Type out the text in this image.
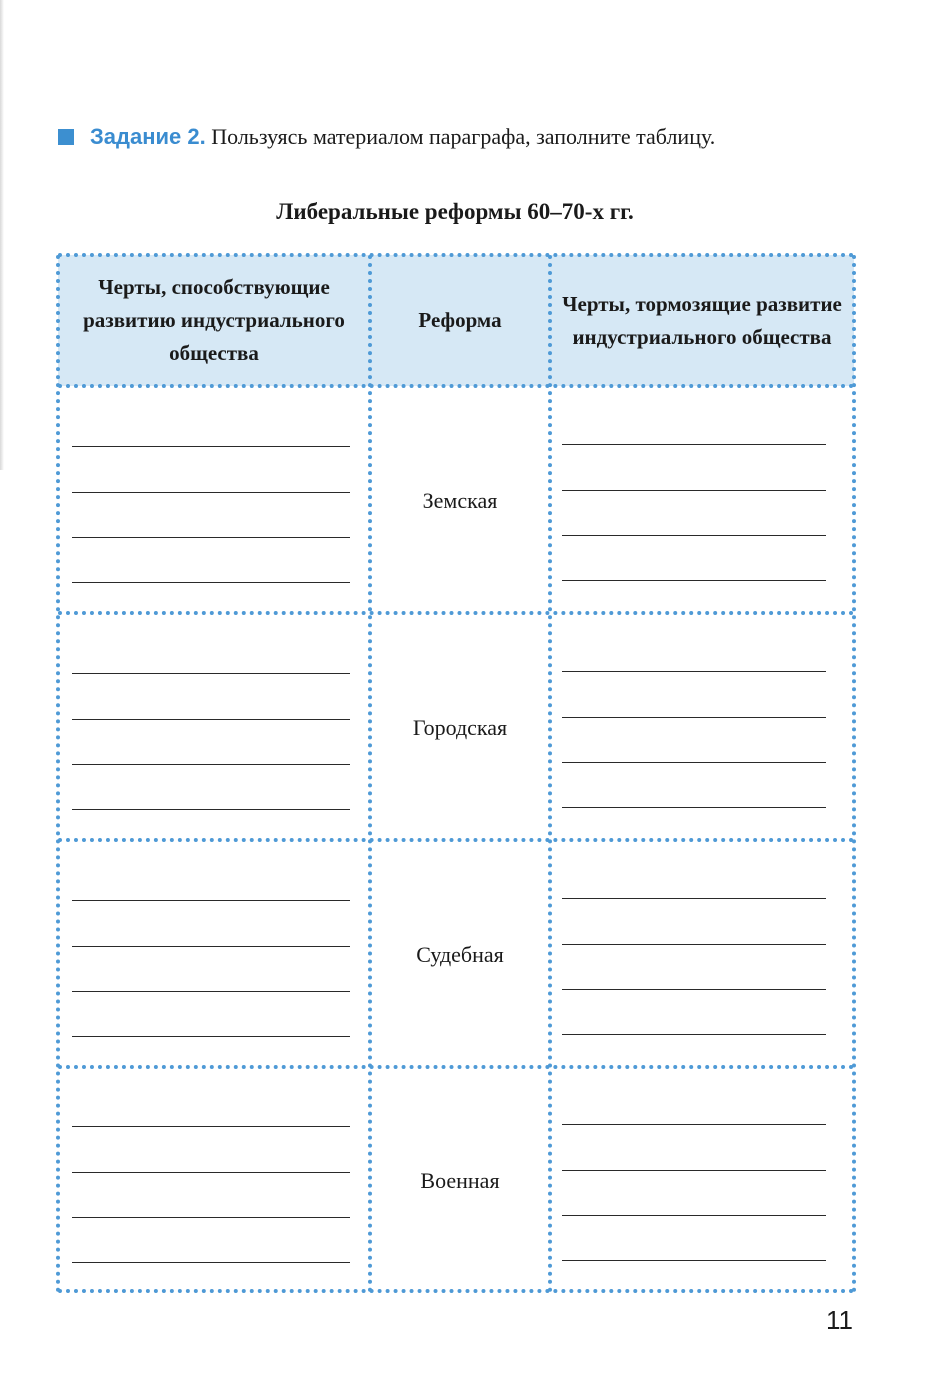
Задание 2. Пользуясь материалом параграфа, заполните таблицу.
Либеральные реформы 60–70-х гг.
Черты, способствующие развитию индустриального общества
Реформа
Черты, тормозящие развитие индустриального общества
Земская
Городская
Судебная
Военная
11
